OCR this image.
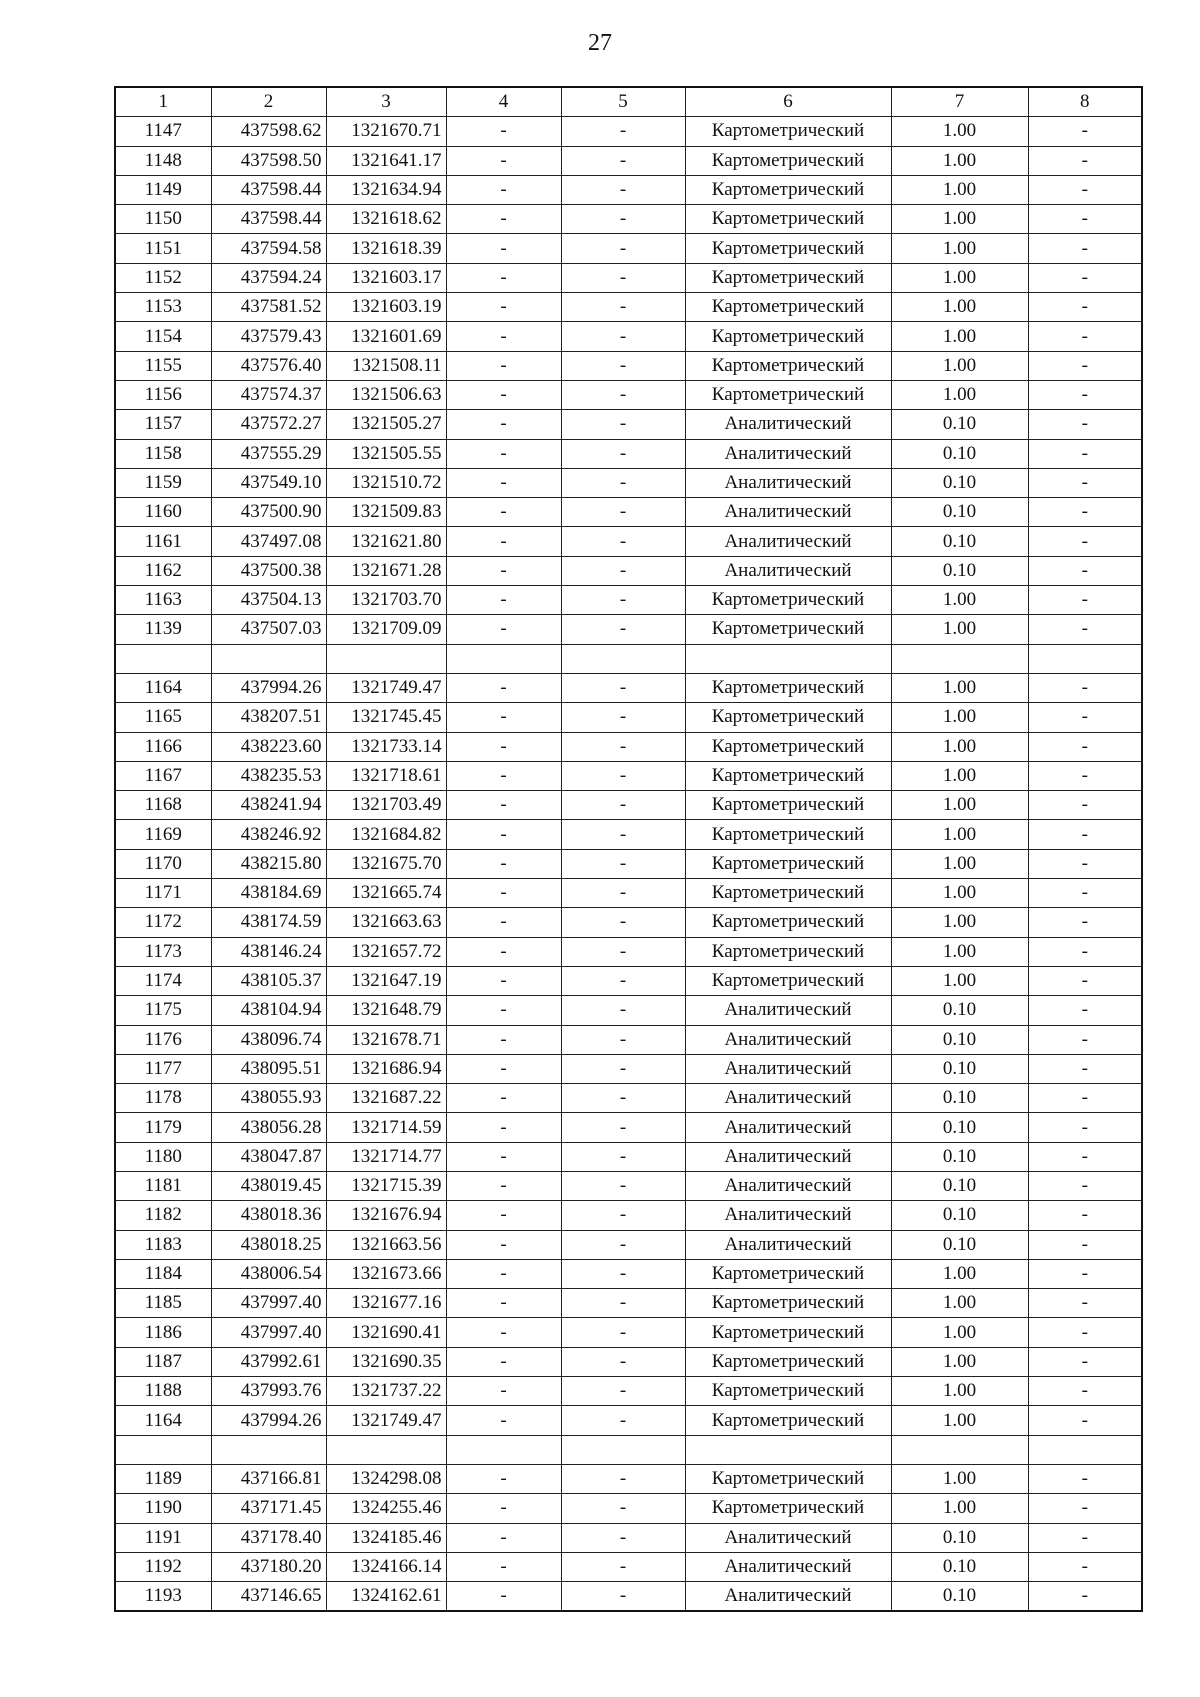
27
1	2	3	4	5	6	7	8
1147	437598.62	1321670.71	-	-	Картометрический	1.00	-
1148	437598.50	1321641.17	-	-	Картометрический	1.00	-
1149	437598.44	1321634.94	-	-	Картометрический	1.00	-
1150	437598.44	1321618.62	-	-	Картометрический	1.00	-
1151	437594.58	1321618.39	-	-	Картометрический	1.00	-
1152	437594.24	1321603.17	-	-	Картометрический	1.00	-
1153	437581.52	1321603.19	-	-	Картометрический	1.00	-
1154	437579.43	1321601.69	-	-	Картометрический	1.00	-
1155	437576.40	1321508.11	-	-	Картометрический	1.00	-
1156	437574.37	1321506.63	-	-	Картометрический	1.00	-
1157	437572.27	1321505.27	-	-	Аналитический	0.10	-
1158	437555.29	1321505.55	-	-	Аналитический	0.10	-
1159	437549.10	1321510.72	-	-	Аналитический	0.10	-
1160	437500.90	1321509.83	-	-	Аналитический	0.10	-
1161	437497.08	1321621.80	-	-	Аналитический	0.10	-
1162	437500.38	1321671.28	-	-	Аналитический	0.10	-
1163	437504.13	1321703.70	-	-	Картометрический	1.00	-
1139	437507.03	1321709.09	-	-	Картометрический	1.00	-

1164	437994.26	1321749.47	-	-	Картометрический	1.00	-
1165	438207.51	1321745.45	-	-	Картометрический	1.00	-
1166	438223.60	1321733.14	-	-	Картометрический	1.00	-
1167	438235.53	1321718.61	-	-	Картометрический	1.00	-
1168	438241.94	1321703.49	-	-	Картометрический	1.00	-
1169	438246.92	1321684.82	-	-	Картометрический	1.00	-
1170	438215.80	1321675.70	-	-	Картометрический	1.00	-
1171	438184.69	1321665.74	-	-	Картометрический	1.00	-
1172	438174.59	1321663.63	-	-	Картометрический	1.00	-
1173	438146.24	1321657.72	-	-	Картометрический	1.00	-
1174	438105.37	1321647.19	-	-	Картометрический	1.00	-
1175	438104.94	1321648.79	-	-	Аналитический	0.10	-
1176	438096.74	1321678.71	-	-	Аналитический	0.10	-
1177	438095.51	1321686.94	-	-	Аналитический	0.10	-
1178	438055.93	1321687.22	-	-	Аналитический	0.10	-
1179	438056.28	1321714.59	-	-	Аналитический	0.10	-
1180	438047.87	1321714.77	-	-	Аналитический	0.10	-
1181	438019.45	1321715.39	-	-	Аналитический	0.10	-
1182	438018.36	1321676.94	-	-	Аналитический	0.10	-
1183	438018.25	1321663.56	-	-	Аналитический	0.10	-
1184	438006.54	1321673.66	-	-	Картометрический	1.00	-
1185	437997.40	1321677.16	-	-	Картометрический	1.00	-
1186	437997.40	1321690.41	-	-	Картометрический	1.00	-
1187	437992.61	1321690.35	-	-	Картометрический	1.00	-
1188	437993.76	1321737.22	-	-	Картометрический	1.00	-
1164	437994.26	1321749.47	-	-	Картометрический	1.00	-

1189	437166.81	1324298.08	-	-	Картометрический	1.00	-
1190	437171.45	1324255.46	-	-	Картометрический	1.00	-
1191	437178.40	1324185.46	-	-	Аналитический	0.10	-
1192	437180.20	1324166.14	-	-	Аналитический	0.10	-
1193	437146.65	1324162.61	-	-	Аналитический	0.10	-
